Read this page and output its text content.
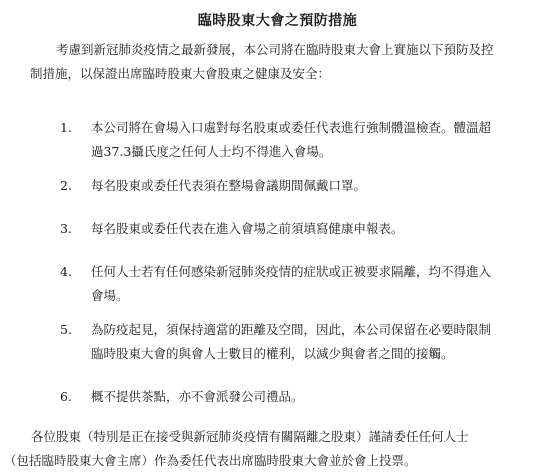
臨時股東大會之預防措施
考慮到新冠肺炎疫情之最新發展，本公司將在臨時股東大會上實施以下預防及控
制措施，以保證出席臨時股東大會股東之健康及安全：
1. 本公司將在會場入口處對每名股東或委任代表進行強制體溫檢查。體溫超
過37.3攝氏度之任何人士均不得進入會場。
2. 每名股東或委任代表須在整場會議期間佩戴口罩。
3. 每名股東或委任代表在進入會場之前須填寫健康申報表。
4. 任何人士若有任何感染新冠肺炎疫情的症狀或正被要求隔離，均不得進入
會場。
5. 為防疫起見，須保持適當的距離及空間，因此，本公司保留在必要時限制
臨時股東大會的與會人士數目的權利，以減少與會者之間的接觸。
6. 概不提供茶點，亦不會派發公司禮品。
各位股東（特別是正在接受與新冠肺炎疫情有關隔離之股東）謹請委任任何人士
（包括臨時股東大會主席）作為委任代表出席臨時股東大會並於會上投票。
